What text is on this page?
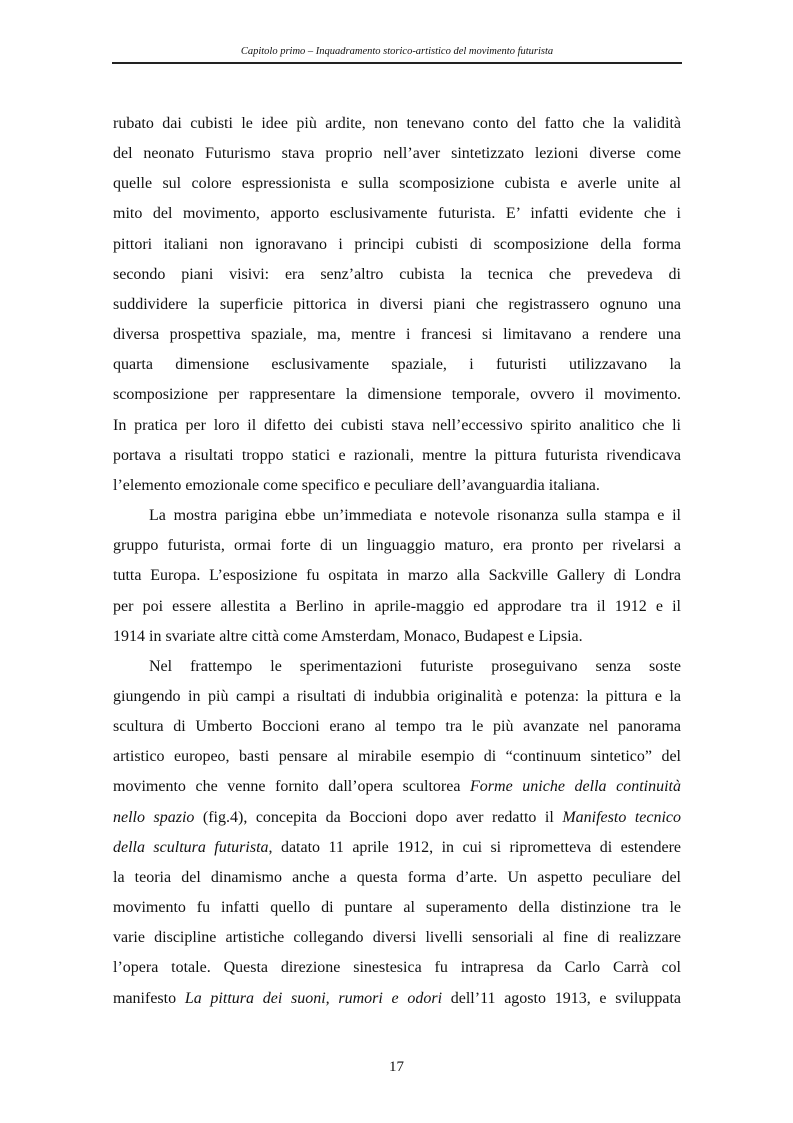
Capitolo primo – Inquadramento storico-artistico del movimento futurista
rubato dai cubisti le idee più ardite, non tenevano conto del fatto che la validità
del neonato Futurismo stava proprio nell’aver sintetizzato lezioni diverse come
quelle sul colore espressionista e sulla scomposizione cubista e averle unite al
mito del movimento, apporto esclusivamente futurista. E’ infatti evidente che i
pittori italiani non ignoravano i principi cubisti di scomposizione della forma
secondo piani visivi: era senz’altro cubista la tecnica che prevedeva di
suddividere la superficie pittorica in diversi piani che registrassero ognuno una
diversa prospettiva spaziale, ma, mentre i francesi si limitavano a rendere una
quarta dimensione esclusivamente spaziale, i futuristi utilizzavano la
scomposizione per rappresentare la dimensione temporale, ovvero il movimento.
In pratica per loro il difetto dei cubisti stava nell’eccessivo spirito analitico che li
portava a risultati troppo statici e razionali, mentre la pittura futurista rivendicava
l’elemento emozionale come specifico e peculiare dell’avanguardia italiana.
La mostra parigina ebbe un’immediata e notevole risonanza sulla stampa e il
gruppo futurista, ormai forte di un linguaggio maturo, era pronto per rivelarsi a
tutta Europa. L’esposizione fu ospitata in marzo alla Sackville Gallery di Londra
per poi essere allestita a Berlino in aprile-maggio ed approdare tra il 1912 e il
1914 in svariate altre città come Amsterdam, Monaco, Budapest e Lipsia.
Nel frattempo le sperimentazioni futuriste proseguivano senza soste
giungendo in più campi a risultati di indubbia originalità e potenza: la pittura e la
scultura di Umberto Boccioni erano al tempo tra le più avanzate nel panorama
artistico europeo, basti pensare al mirabile esempio di “continuum sintetico” del
movimento che venne fornito dall’opera scultorea Forme uniche della continuità
nello spazio (fig.4), concepita da Boccioni dopo aver redatto il Manifesto tecnico
della scultura futurista, datato 11 aprile 1912, in cui si riprometteva di estendere
la teoria del dinamismo anche a questa forma d’arte. Un aspetto peculiare del
movimento fu infatti quello di puntare al superamento della distinzione tra le
varie discipline artistiche collegando diversi livelli sensoriali al fine di realizzare
l’opera totale. Questa direzione sinestesica fu intrapresa da Carlo Carrà col
manifesto La pittura dei suoni, rumori e odori dell’11 agosto 1913, e sviluppata
17
